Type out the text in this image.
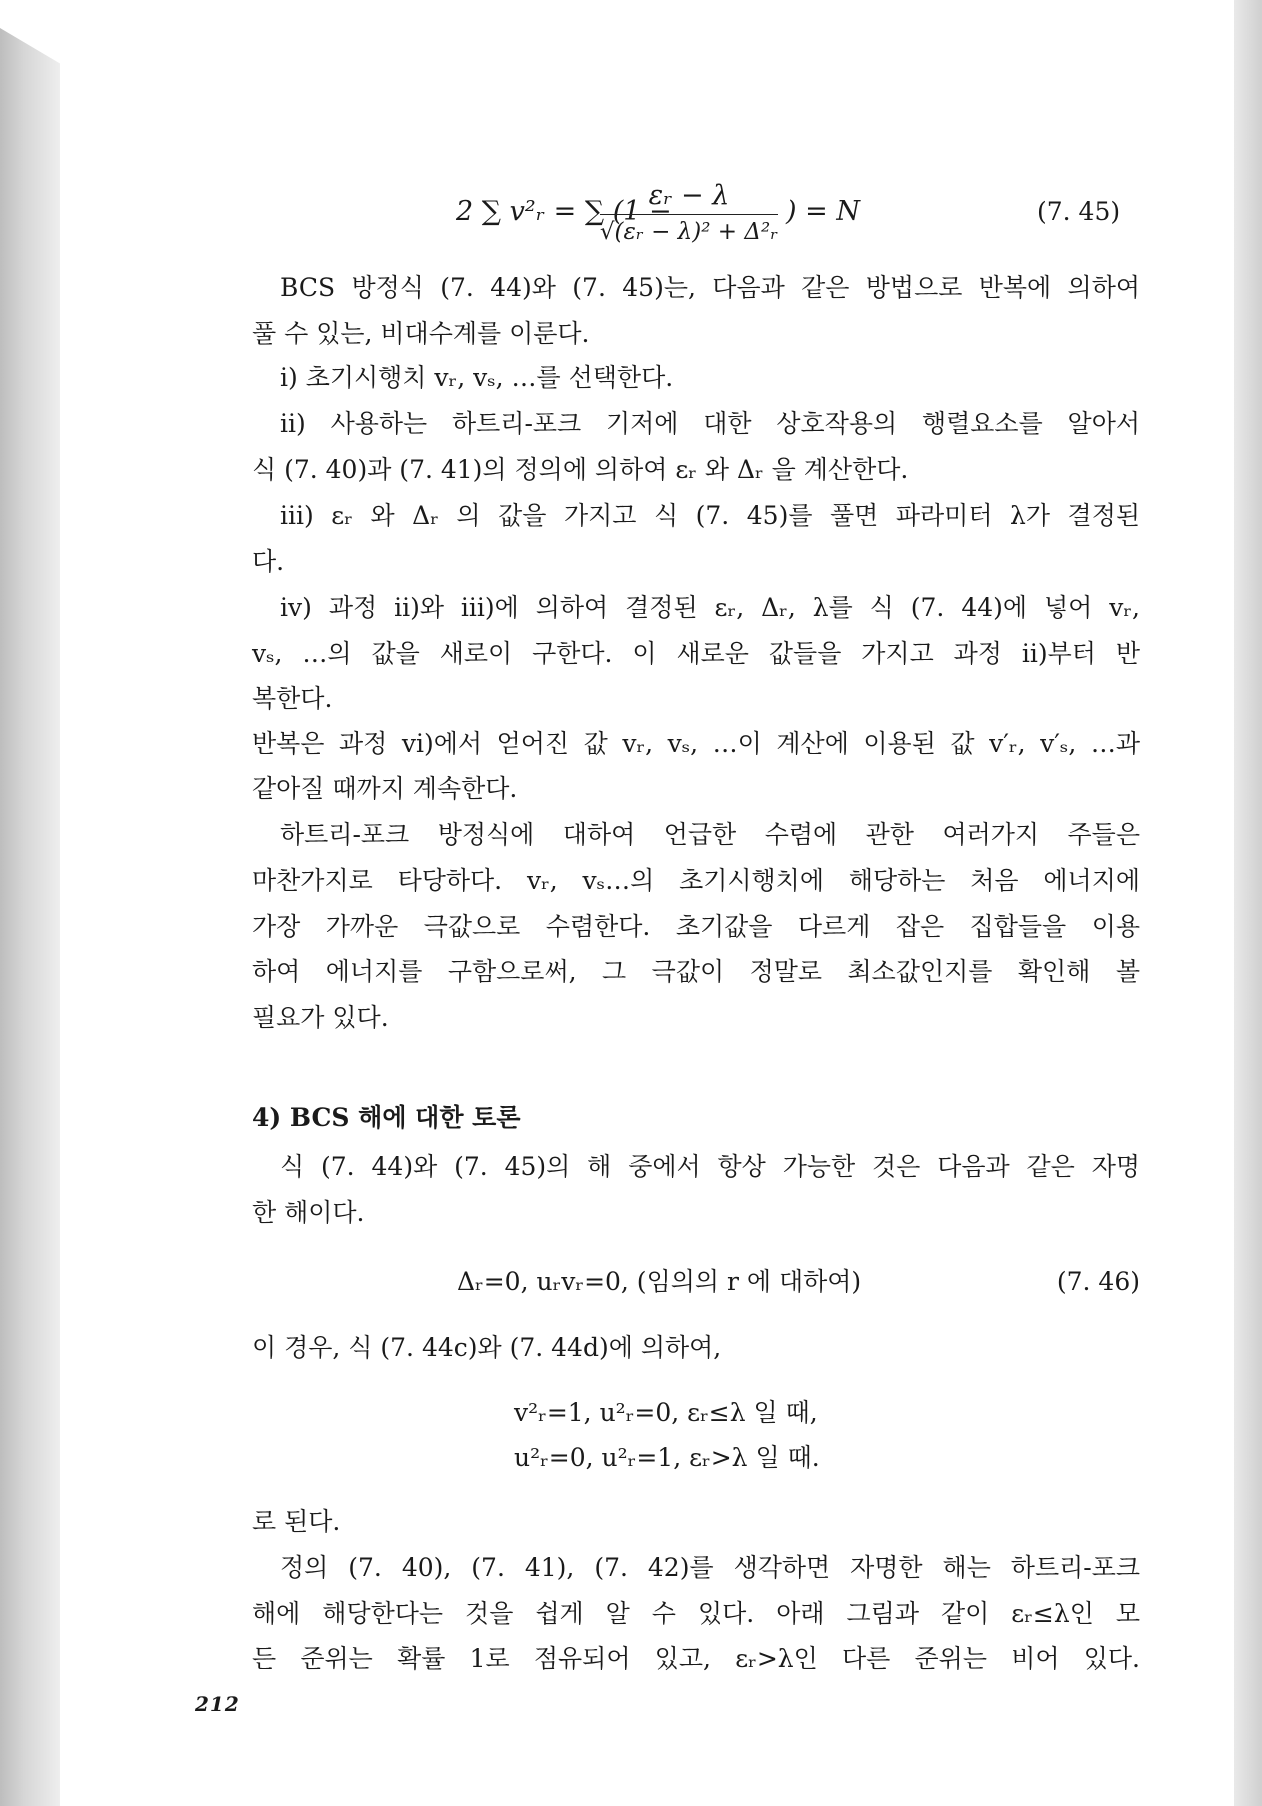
2 ∑ v²ᵣ = ∑ (1 −
εᵣ − λ
√(εᵣ − λ)² + Δ²ᵣ
) = N	(7. 45)
BCS 방정식 (7. 44)와 (7. 45)는, 다음과 같은 방법으로 반복에 의하여
풀 수 있는, 비대수계를 이룬다.
i) 초기시행치 vᵣ, vₛ, …를 선택한다.
ii) 사용하는 하트리-포크 기저에 대한 상호작용의 행렬요소를 알아서
식 (7. 40)과 (7. 41)의 정의에 의하여 εᵣ 와 Δᵣ 을 계산한다.
iii) εᵣ 와 Δᵣ 의 값을 가지고 식 (7. 45)를 풀면 파라미터 λ가 결정된
다.
iv) 과정 ii)와 iii)에 의하여 결정된 εᵣ, Δᵣ, λ를 식 (7. 44)에 넣어 vᵣ,
vₛ, …의 값을 새로이 구한다. 이 새로운 값들을 가지고 과정 ii)부터 반
복한다.
반복은 과정 vi)에서 얻어진 값 vᵣ, vₛ, …이 계산에 이용된 값 v′ᵣ, v′ₛ, …과
같아질 때까지 계속한다.
하트리-포크 방정식에 대하여 언급한 수렴에 관한 여러가지 주들은
마찬가지로 타당하다. vᵣ, vₛ…의 초기시행치에 해당하는 처음 에너지에
가장 가까운 극값으로 수렴한다. 초기값을 다르게 잡은 집합들을 이용
하여 에너지를 구함으로써, 그 극값이 정말로 최소값인지를 확인해 볼
필요가 있다.
4) BCS 해에 대한 토론
식 (7. 44)와 (7. 45)의 해 중에서 항상 가능한 것은 다음과 같은 자명
한 해이다.
Δᵣ=0, uᵣvᵣ=0, (임의의 r 에 대하여)	(7. 46)
이 경우, 식 (7. 44c)와 (7. 44d)에 의하여,
v²ᵣ=1, u²ᵣ=0, εᵣ≤λ 일 때,
u²ᵣ=0, u²ᵣ=1, εᵣ>λ 일 때.
로 된다.
정의 (7. 40), (7. 41), (7. 42)를 생각하면 자명한 해는 하트리-포크
해에 해당한다는 것을 쉽게 알 수 있다. 아래 그림과 같이 εᵣ≤λ인 모
든 준위는 확률 1로 점유되어 있고, εᵣ>λ인 다른 준위는 비어 있다.
212
